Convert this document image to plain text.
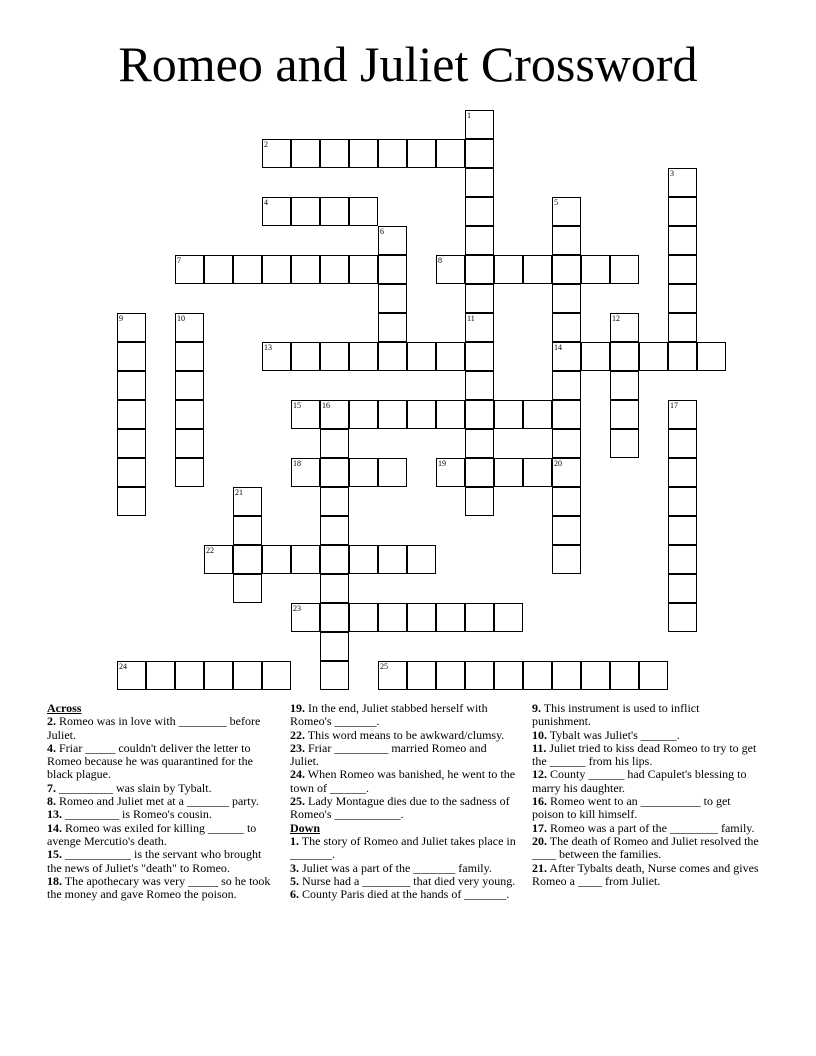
Romeo and Juliet Crossword
1
11
2
3
4	5
14
20
6
7	8
9	10	12
13
15	16	17
18	19
21
22
23
24	25
Across
2. Romeo was in love with ________ before Juliet.
4. Friar _____ couldn't deliver the letter to Romeo because he was quarantined for the black plague.
7. _________ was slain by Tybalt.
8. Romeo and Juliet met at a _______ party.
13. _________ is Romeo's cousin.
14. Romeo was exiled for killing ______ to avenge Mercutio's death.
15. ___________ is the servant who brought the news of Juliet's "death" to Romeo.
18. The apothecary was very _____ so he took the money and gave Romeo the poison.
19. In the end, Juliet stabbed herself with Romeo's _______.
22. This word means to be awkward/clumsy.
23. Friar _________ married Romeo and Juliet.
24. When Romeo was banished, he went to the town of ______.
25. Lady Montague dies due to the sadness of Romeo's ___________.
Down
1. The story of Romeo and Juliet takes place in _______.
3. Juliet was a part of the _______ family.
5. Nurse had a ________ that died very young.
6. County Paris died at the hands of _______.
9. This instrument is used to inflict punishment.
10. Tybalt was Juliet's ______.
11. Juliet tried to kiss dead Romeo to try to get the ______ from his lips.
12. County ______ had Capulet's blessing to marry his daughter.
16. Romeo went to an __________ to get poison to kill himself.
17. Romeo was a part of the ________ family.
20. The death of Romeo and Juliet resolved the ____ between the families.
21. After Tybalts death, Nurse comes and gives Romeo a ____ from Juliet.
